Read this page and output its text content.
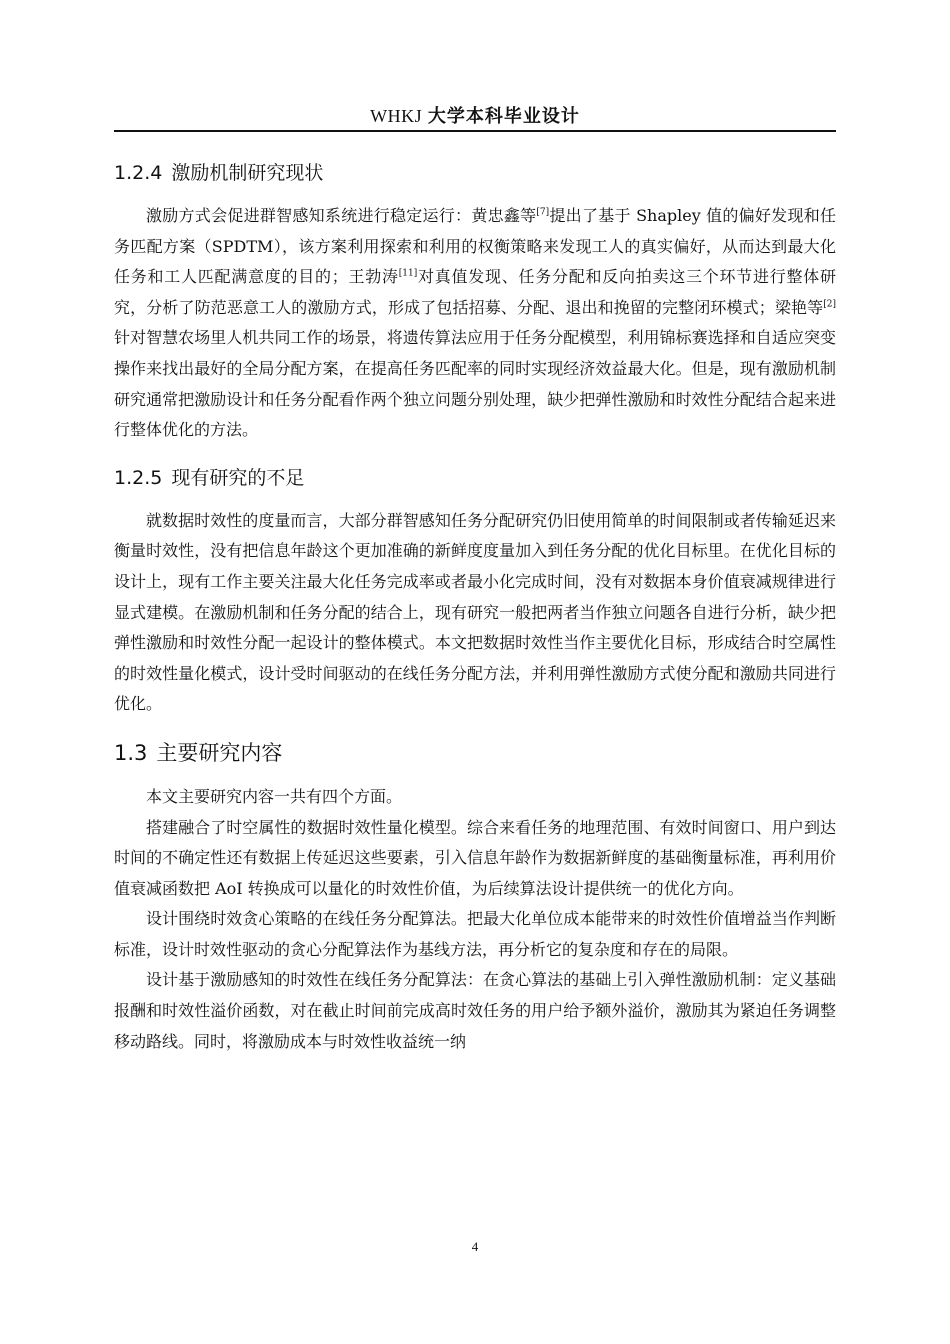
WHKJ 大学本科毕业设计
1.2.4 激励机制研究现状

激励方式会促进群智感知系统进行稳定运行：黄忠鑫等[7]提出了基于 Shapley 值的偏好发现和任务匹配方案（SPDTM），该方案利用探索和利用的权衡策略来发现工人的真实偏好，从而达到最大化任务和工人匹配满意度的目的；王勃涛[11]对真值发现、任务分配和反向拍卖这三个环节进行整体研究，分析了防范恶意工人的激励方式，形成了包括招募、分配、退出和挽留的完整闭环模式；梁艳等[2]针对智慧农场里人机共同工作的场景，将遗传算法应用于任务分配模型，利用锦标赛选择和自适应突变操作来找出最好的全局分配方案，在提高任务匹配率的同时实现经济效益最大化。但是，现有激励机制研究通常把激励设计和任务分配看作两个独立问题分别处理，缺少把弹性激励和时效性分配结合起来进行整体优化的方法。

1.2.5 现有研究的不足

就数据时效性的度量而言，大部分群智感知任务分配研究仍旧使用简单的时间限制或者传输延迟来衡量时效性，没有把信息年龄这个更加准确的新鲜度度量加入到任务分配的优化目标里。在优化目标的设计上，现有工作主要关注最大化任务完成率或者最小化完成时间，没有对数据本身价值衰减规律进行显式建模。在激励机制和任务分配的结合上，现有研究一般把两者当作独立问题各自进行分析，缺少把弹性激励和时效性分配一起设计的整体模式。本文把数据时效性当作主要优化目标，形成结合时空属性的时效性量化模式，设计受时间驱动的在线任务分配方法，并利用弹性激励方式使分配和激励共同进行优化。

1.3 主要研究内容

本文主要研究内容一共有四个方面。

搭建融合了时空属性的数据时效性量化模型。综合来看任务的地理范围、有效时间窗口、用户到达时间的不确定性还有数据上传延迟这些要素，引入信息年龄作为数据新鲜度的基础衡量标准，再利用价值衰减函数把 AoI 转换成可以量化的时效性价值，为后续算法设计提供统一的优化方向。

设计围绕时效贪心策略的在线任务分配算法。把最大化单位成本能带来的时效性价值增益当作判断标准，设计时效性驱动的贪心分配算法作为基线方法，再分析它的复杂度和存在的局限。

设计基于激励感知的时效性在线任务分配算法：在贪心算法的基础上引入弹性激励机制：定义基础报酬和时效性溢价函数，对在截止时间前完成高时效任务的用户给予额外溢价，激励其为紧迫任务调整移动路线。同时，将激励成本与时效性收益统一纳

4
